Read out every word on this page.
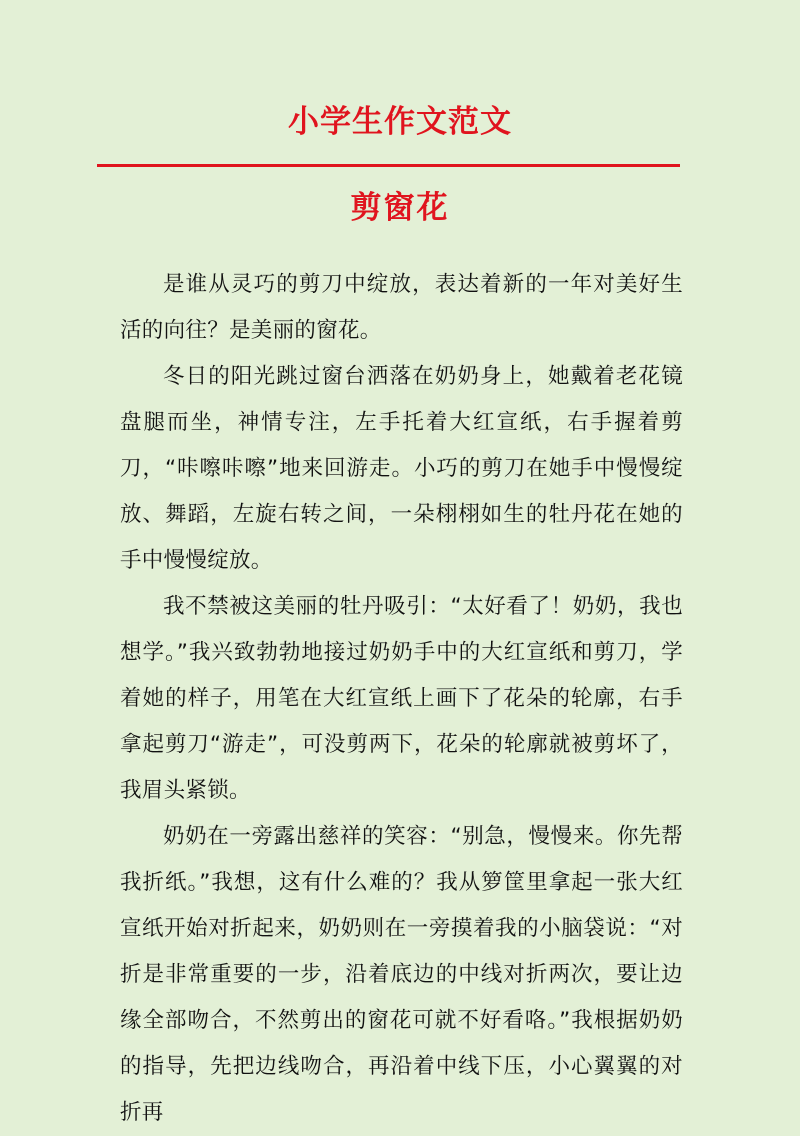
小学生作文范文
剪窗花

是谁从灵巧的剪刀中绽放，表达着新的一年对美好生活的向往？是美丽的窗花。

冬日的阳光跳过窗台洒落在奶奶身上，她戴着老花镜盘腿而坐，神情专注，左手托着大红宣纸，右手握着剪刀，“咔嚓咔嚓”地来回游走。小巧的剪刀在她手中慢慢绽放、舞蹈，左旋右转之间，一朵栩栩如生的牡丹花在她的手中慢慢绽放。

我不禁被这美丽的牡丹吸引：“太好看了！奶奶，我也想学。”我兴致勃勃地接过奶奶手中的大红宣纸和剪刀，学着她的样子，用笔在大红宣纸上画下了花朵的轮廓，右手拿起剪刀“游走”，可没剪两下，花朵的轮廓就被剪坏了，我眉头紧锁。

奶奶在一旁露出慈祥的笑容：“别急，慢慢来。你先帮我折纸。”我想，这有什么难的？我从箩筐里拿起一张大红宣纸开始对折起来，奶奶则在一旁摸着我的小脑袋说：“对折是非常重要的一步，沿着底边的中线对折两次，要让边缘全部吻合，不然剪出的窗花可就不好看咯。”我根据奶奶的指导，先把边线吻合，再沿着中线下压，小心翼翼的对折再
